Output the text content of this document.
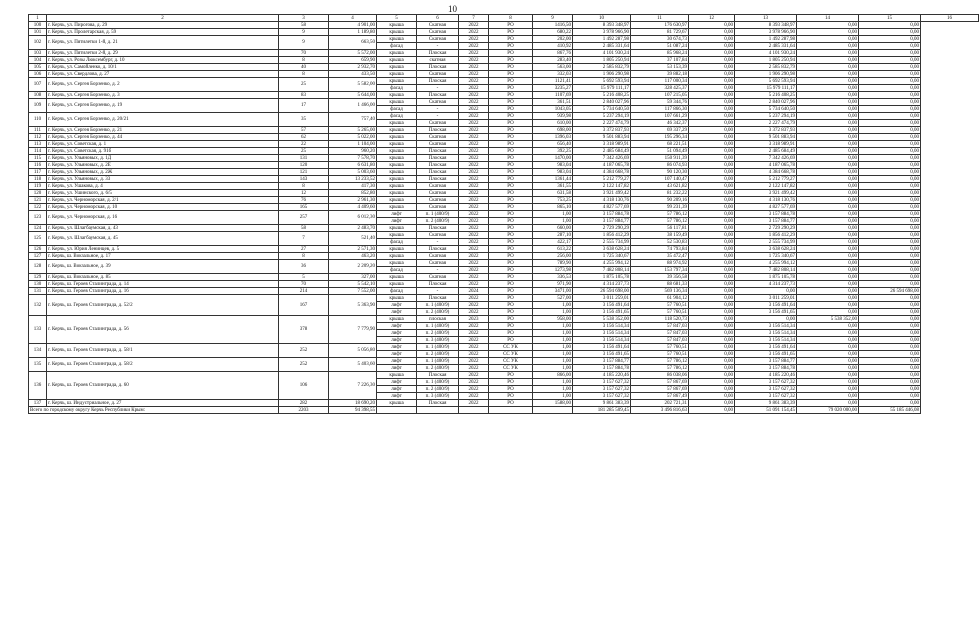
10
1	2	3	4	5	6	7	8	9	10	11	12	13	14	15	16
100	г. Керчь, ул. Пирогова, д. 29	58	4 901,00	крыша	Скатная	2022	РО	1416,50	8 393 348,97	176 630,97	0,00	8 393 348,97	0,00	0,00	
101	г. Керчь, ул. Пролетарская, д. 59	9	1 189,80	крыша	Скатная	2022	РО	680,22	3 978 966,90	81 729,67	0,00	3 978 966,90	0,00	0,00	
102	г. Керчь, ул. Пятилетки 1-й, д. 21	9	663,50	крыша	Скатная	2022	РО	202,00	1 492 287,98	30 674,73	0,00	1 492 287,98	0,00	0,00	
				фасад	-	2022	РО	410,92	2 485 331,64	51 087,24	0,00	2 485 331,64	0,00	0,00	
103	г. Керчь, ул. Пятилетки 2-й, д. 29	70	5 572,00	крыша	Плоская	2022	РО	867,76	4 101 930,24	85 968,24	0,00	4 101 930,24	0,00	0,00	
104	г. Керчь, ул. Розы Люксембург, д. 10	8	659,90	крыша	скатная	2022	РО	283,40	1 805 250,94	37 107,84	0,00	1 805 250,94	0,00	0,00	
105	г. Керчь, ул. Самойленко, д. 10/1	40	2 932,70	крыша	Плоская	2022	РО	563,00	2 585 832,79	53 153,39	0,00	2 585 832,79	0,00	0,00	
106	г. Керчь, ул. Свердлова, д. 27	8	433,50	крыша	Скатная	2022	РО	332,03	1 906 290,98	39 882,18	0,00	1 906 290,98	0,00	0,00	
107	г. Керчь, ул. Сергея Борзенко, д. 2	25	5 582,00	крыша	Плоская	2022	РО	1121,41	5 692 593,94	117 000,34	0,00	5 692 593,94	0,00	0,00	
				фасад	-	2022	РО	3235,27	15 979 111,17	328 425,37	0,00	15 979 111,17	0,00	0,00	
108	г. Керчь, ул. Сергея Борзенко, д. 3	83	5 644,00	крыша	Плоская	2022	РО	1107,69	5 216 408,25	107 215,05	0,00	5 216 408,25	0,00	0,00	
109	г. Керчь, ул. Сергея Борзенко, д. 19	17	1 466,00	крыша	Скатная	2022	РО	361,51	2 840 027,96	59 344,76	0,00	2 840 027,96	0,00	0,00	
				фасад	-	2022	РО	1043,05	5 734 640,50	117 866,30	0,00	5 734 640,50	0,00	0,00	
110	г. Керчь, ул. Сергея Борзенко, д. 20/21	35	757,40	фасад	-	2022	РО	939,98	5 237 294,19	107 661,29	0,00	5 237 294,19	0,00	0,00	
				крыша	Скатная	2022	РО	610,00	2 227 474,79	46 342,37	0,00	2 227 474,79	0,00	0,00	
111	г. Керчь, ул. Сергея Борзенко, д. 21	57	5 265,00	крыша	Плоская	2022	РО	698,00	3 372 837,93	69 337,29	0,00	3 372 837,93	0,00	0,00	
112	г. Керчь, ул. Сергея Борзенко, д. 44	62	5 022,00	крыша	Скатная	2022	РО	1396,03	9 501 883,94	195 296,34	0,00	9 501 883,94	0,00	0,00	
113	г. Керчь, ул. Советская, д. 1	22	1 104,00	крыша	Скатная	2022	РО	656,40	3 318 989,91	68 221,51	0,00	3 318 989,91	0,00	0,00	
114	г. Керчь, ул. Советская, д. 91б	25	960,20	крыша	Плоская	2022	РО	392,25	2 485 684,49	51 094,49	0,00	2 485 684,49	0,00	0,00	
115	г. Керчь, ул. Ульяновых, д. 1Д	131	7 578,70	крыша	Плоская	2022	РО	1470,00	7 342 426,69	150 911,39	0,00	7 342 426,69	0,00	0,00	
116	г. Керчь, ул. Ульяновых, д. 2Е	120	6 631,80	крыша	Плоская	2022	РО	983,04	4 187 065,78	86 074,93	0,00	4 187 065,78	0,00	0,00	
117	г. Керчь, ул. Ульяновых, д. 2Ж	121	5 003,60	крыша	Плоская	2022	РО	983,04	4 384 668,78	90 120,30	0,00	4 384 668,78	0,00	0,00	
118	г. Керчь, ул. Ульяновых, д. 33	143	13 233,52	крыша	Плоская	2022	РО	1361,44	5 212 779,27	107 140,47	0,00	5 212 779,27	0,00	0,00	
119	г. Керчь, ул. Ушакова, д. 4	8	417,30	крыша	Скатная	2022	РО	361,55	2 122 147,82	43 621,82	0,00	2 122 147,82	0,00	0,00	
120	г. Керчь, ул. Ушинского, д. 6/5	12	852,80	крыша	Скатная	2022	РО	631,58	3 921 499,42	81 232,22	0,00	3 921 499,42	0,00	0,00	
121	г. Керчь, ул. Черноморская, д. 2/1	76	2 961,30	крыша	Скатная	2022	РО	753,25	4 318 130,76	90 209,16	0,00	4 318 130,76	0,00	0,00	
122	г. Керчь, ул. Черноморская, д. 10	165	4 409,60	крыша	Скатная	2022	РО	865,10	4 827 577,69	99 231,39	0,00	4 827 577,69	0,00	0,00	
123	г. Керчь, ул. Черноморская, д. 16	257	6 012,30	лифт	п. 1 (400/9)	2022	РО	1,00	3 157 884,78	57 786,12	0,00	3 157 884,78	0,00	0,00	
				лифт	п. 2 (400/9)	2022	РО	1,00	3 157 884,77	57 786,12	0,00	3 157 884,77	0,00	0,00	
124	г. Керчь, ул. Шлагбаумская, д. 43	58	2 483,70	крыша	Плоская	2022	РО	660,00	2 729 290,29	56 117,81	0,00	2 729 290,29	0,00	0,00	
125	г. Керчь, ул. Шлагбаумская, д. 45	7	521,40	крыша	Скатная	2022	РО	287,10	1 856 412,29	38 159,49	0,00	1 856 412,29	0,00	0,00	
				фасад	-	2022	РО	422,17	2 555 734,99	52 530,83	0,00	2 555 734,99	0,00	0,00	
126	г. Керчь, ул. Юрия Ленинцев, д. 5	27	2 571,30	крыша	Плоская	2022	РО	613,22	3 638 628,24	74 793,84	0,00	3 638 628,24	0,00	0,00	
127	г. Керчь, ш. Вокзальное, д. 17	8	463,20	крыша	Скатная	2022	РО	256,00	1 725 340,67	35 472,47	0,00	1 725 340,67	0,00	0,00	
128	г. Керчь, ш. Вокзальное, д. 39	36	2 209,20	крыша	Скатная	2022	РО	789,90	4 255 994,12	88 974,92	0,00	4 255 994,12	0,00	0,00	
				фасад	-	2022	РО	1273,98	7 482 808,14	153 797,34	0,00	7 482 808,14	0,00	0,00	
129	г. Керчь, ш. Вокзальное, д. 85	5	327,00	крыша	Скатная	2022	РО	336,53	1 875 105,78	39 356,58	0,00	1 875 105,78	0,00	0,00	
130	г. Керчь, ш. Героев Сталинграда, д. 14	70	5 542,10	крыша	Плоская	2022	РО	971,90	4 314 237,73	88 681,33	0,00	4 314 237,73	0,00	0,00	
131	г. Керчь, ш. Героев Сталинграда, д. 16	214	7 552,00	фасад	-	2024	РО	3471,00	26 594 698,00	569 136,34	0,00	0,00	0,00	26 594 698,00	
132	г. Керчь, ш. Героев Сталинграда, д. 52/2	167	5 363,90	крыша	Плоская	2022	РО	527,00	3 011 259,01	61 904,12	0,00	3 011 259,01	0,00	0,00	
				лифт	п. 1 (400/9)	2022	РО	1,00	3 156 491,64	57 760,51	0,00	3 156 491,64	0,00	0,00	
				лифт	п. 2 (400/9)	2022	РО	1,00	3 156 491,65	57 760,51	0,00	3 156 491,65	0,00	0,00	
133	г. Керчь, ш. Героев Сталинграда, д. 56	378	7 779,90	крыша	плоская	2023	РО	958,00	5 538 352,00	118 520,73	0,00	0,00	5 538 352,00	0,00	
				лифт	п. 1 (400/9)	2022	РО	1,00	3 156 514,34	57 847,03	0,00	3 156 514,34	0,00	0,00	
				лифт	п. 2 (400/9)	2022	РО	1,00	3 156 514,34	57 847,03	0,00	3 156 514,34	0,00	0,00	
				лифт	п. 3 (400/9)	2022	РО	1,00	3 156 514,34	57 847,03	0,00	3 156 514,34	0,00	0,00	
134	г. Керчь, ш. Героев Сталинграда, д. 58/1	252	5 056,80	лифт	п. 1 (400/9)	2022	СС УК	1,00	3 156 491,64	57 760,51	0,00	3 156 491,64	0,00	0,00	
				лифт	п. 2 (400/9)	2022	СС УК	1,00	3 156 491,65	57 760,51	0,00	3 156 491,65	0,00	0,00	
135	г. Керчь, ш. Героев Сталинграда, д. 58/2	252	5 403,60	лифт	п. 1 (400/9)	2022	СС УК	1,00	3 157 884,77	57 786,12	0,00	3 157 884,77	0,00	0,00	
				лифт	п. 2 (400/9)	2022	СС УК	1,00	3 157 884,78	57 786,12	0,00	3 157 884,78	0,00	0,00	
136	г. Керчь, ш. Героев Сталинграда, д. 60	106	7 226,30	крыша	Плоская	2022	РО	866,00	4 185 220,46	86 038,06	0,00	4 185 220,46	0,00	0,00	
				лифт	п. 1 (400/9)	2022	РО	1,00	3 157 627,32	57 867,69	0,00	3 157 627,32	0,00	0,00	
				лифт	п. 2 (400/9)	2022	РО	1,00	3 157 627,32	57 867,69	0,00	3 157 627,32	0,00	0,00	
				лифт	п. 3 (400/9)	2022	РО	1,00	3 157 627,32	57 867,49	0,00	3 157 627,32	0,00	0,00	
137	г. Керчь, ш. Индустриальное, д. 27	282	18 690,20	крыша	Плоская	2022	РО	1588,00	9 861 383,39	202 721,31	0,00	9 861 383,39	0,00	0,00	
Всего по городскому округу Керчь Республики Крым:		2203	94 398,55						181 285 509,45	3 496 816,63	0,00	51 091 154,45	79 020 000,00	55 185 446,08	
